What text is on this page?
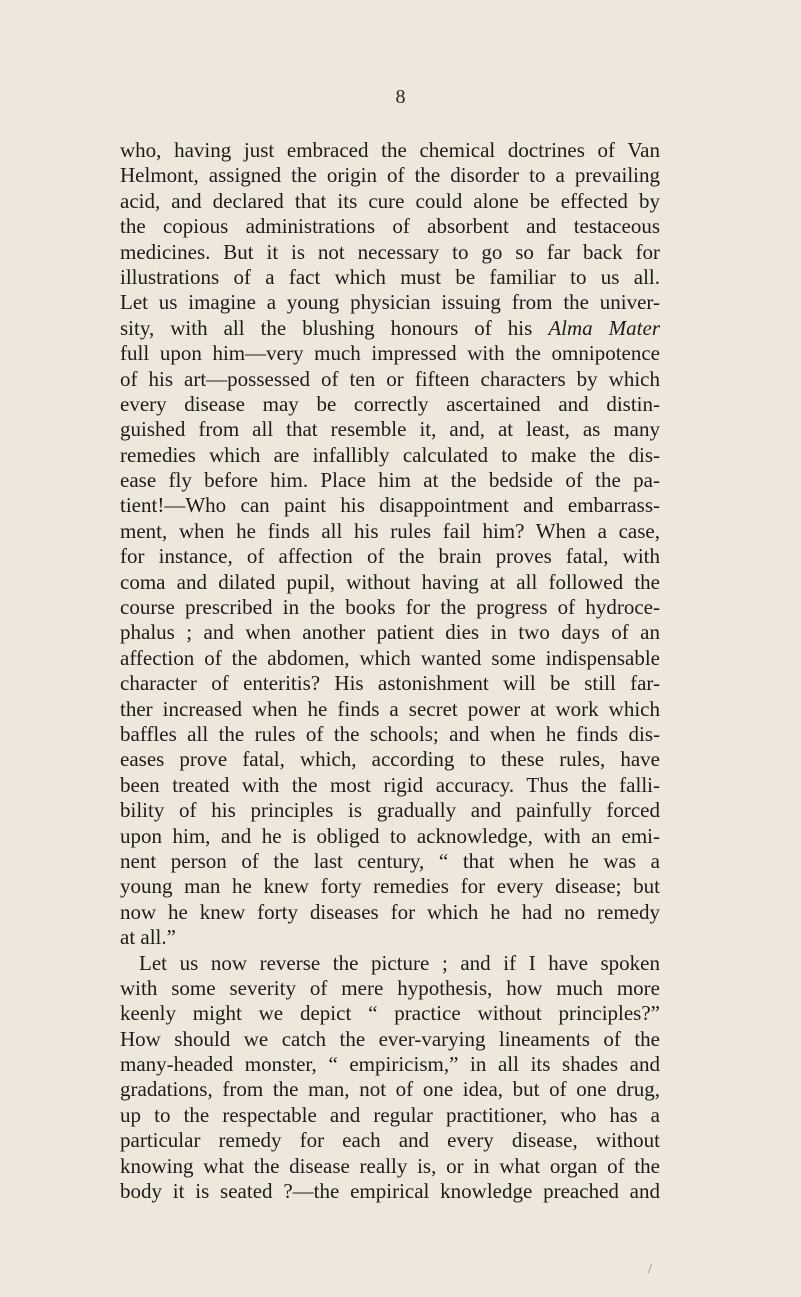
8
who, having just embraced the chemical doctrines of Van
Helmont, assigned the origin of the disorder to a prevailing
acid, and declared that its cure could alone be effected by
the copious administrations of absorbent and testaceous
medicines. But it is not necessary to go so far back for
illustrations of a fact which must be familiar to us all.
Let us imagine a young physician issuing from the univer-
sity, with all the blushing honours of his Alma Mater
full upon him—very much impressed with the omnipotence
of his art—possessed of ten or fifteen characters by which
every disease may be correctly ascertained and distin-
guished from all that resemble it, and, at least, as many
remedies which are infallibly calculated to make the dis-
ease fly before him. Place him at the bedside of the pa-
tient!—Who can paint his disappointment and embarrass-
ment, when he finds all his rules fail him? When a case,
for instance, of affection of the brain proves fatal, with
coma and dilated pupil, without having at all followed the
course prescribed in the books for the progress of hydroce-
phalus ; and when another patient dies in two days of an
affection of the abdomen, which wanted some indispensable
character of enteritis? His astonishment will be still far-
ther increased when he finds a secret power at work which
baffles all the rules of the schools; and when he finds dis-
eases prove fatal, which, according to these rules, have
been treated with the most rigid accuracy. Thus the falli-
bility of his principles is gradually and painfully forced
upon him, and he is obliged to acknowledge, with an emi-
nent person of the last century, “ that when he was a
young man he knew forty remedies for every disease; but
now he knew forty diseases for which he had no remedy
at all.”
Let us now reverse the picture ; and if I have spoken
with some severity of mere hypothesis, how much more
keenly might we depict “ practice without principles?”
How should we catch the ever-varying lineaments of the
many-headed monster, “ empiricism,” in all its shades and
gradations, from the man, not of one idea, but of one drug,
up to the respectable and regular practitioner, who has a
particular remedy for each and every disease, without
knowing what the disease really is, or in what organ of the
body it is seated ?—the empirical knowledge preached and
/
